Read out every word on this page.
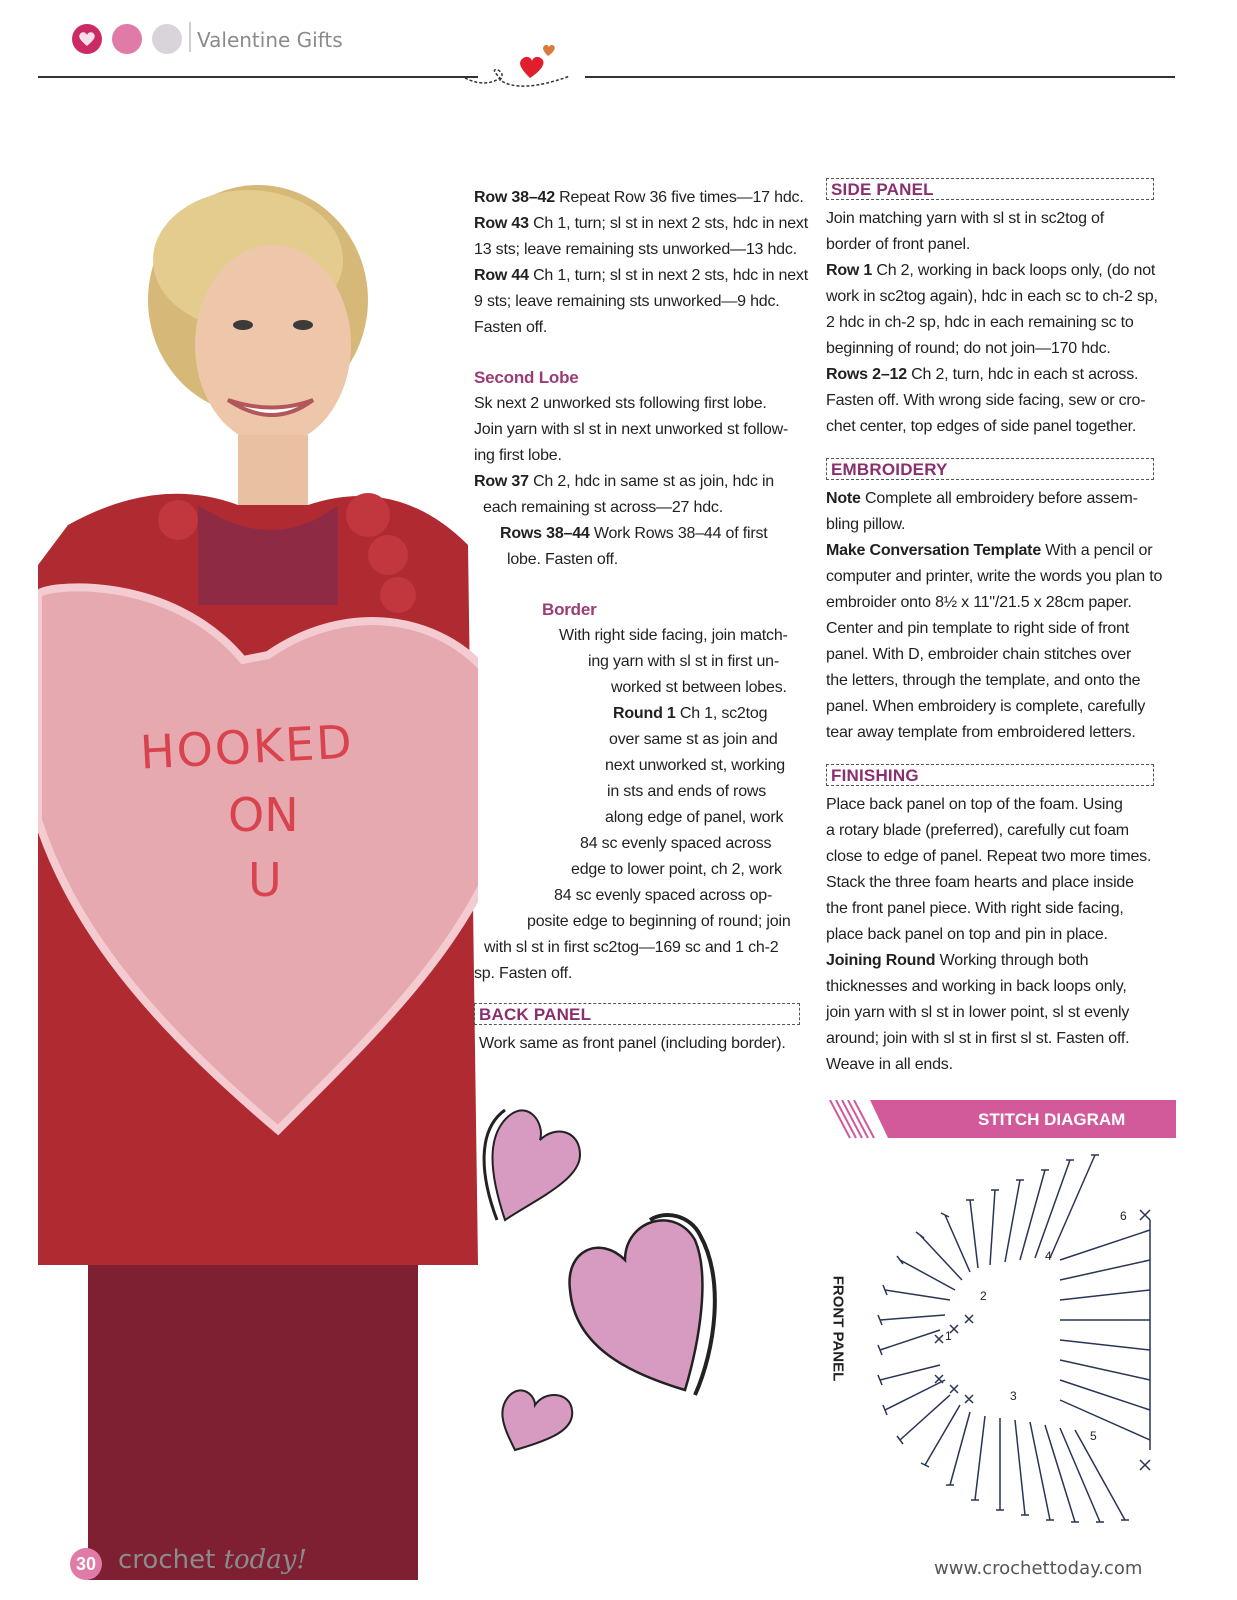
Valentine Gifts
HOOKED
ON
U
Row 38–42 Repeat Row 36 five times—17 hdc.
Row 43 Ch 1, turn; sl st in next 2 sts, hdc in next
13 sts; leave remaining sts unworked—13 hdc.
Row 44 Ch 1, turn; sl st in next 2 sts, hdc in next
9 sts; leave remaining sts unworked—9 hdc.
Fasten off.
Second Lobe
Sk next 2 unworked sts following first lobe.
Join yarn with sl st in next unworked st follow-
ing first lobe.
Row 37 Ch 2, hdc in same st as join, hdc in
each remaining st across—27 hdc.
Rows 38–44 Work Rows 38–44 of first
lobe. Fasten off.
Border
With right side facing, join match-
ing yarn with sl st in first un-
worked st between lobes.
Round 1 Ch 1, sc2tog
over same st as join and
next unworked st, working
in sts and ends of rows
along edge of panel, work
84 sc evenly spaced across
edge to lower point, ch 2, work
84 sc evenly spaced across op-
posite edge to beginning of round; join
with sl st in first sc2tog—169 sc and 1 ch-2
sp. Fasten off.
BACK PANEL
Work same as front panel (including border).
SIDE PANEL
Join matching yarn with sl st in sc2tog of
border of front panel.
Row 1 Ch 2, working in back loops only, (do not
work in sc2tog again), hdc in each sc to ch-2 sp,
2 hdc in ch-2 sp, hdc in each remaining sc to
beginning of round; do not join—170 hdc.
Rows 2–12 Ch 2, turn, hdc in each st across.
Fasten off. With wrong side facing, sew or cro-
chet center, top edges of side panel together.
EMBROIDERY
Note Complete all embroidery before assem-
bling pillow.
Make Conversation Template With a pencil or
computer and printer, write the words you plan to
embroider onto 8½ x 11"/21.5 x 28cm paper.
Center and pin template to right side of front
panel. With D, embroider chain stitches over
the letters, through the template, and onto the
panel. When embroidery is complete, carefully
tear away template from embroidered letters.
FINISHING
Place back panel on top of the foam. Using
a rotary blade (preferred), carefully cut foam
close to edge of panel. Repeat two more times.
Stack the three foam hearts and place inside
the front panel piece. With right side facing,
place back panel on top and pin in place.
Joining Round Working through both
thicknesses and working in back loops only,
join yarn with sl st in lower point, sl st evenly
around; join with sl st in first sl st. Fasten off.
Weave in all ends.
STITCH DIAGRAM
FRONT PANEL	1
2
3
4
5
6
30 crochet today!	www.crochettoday.com
